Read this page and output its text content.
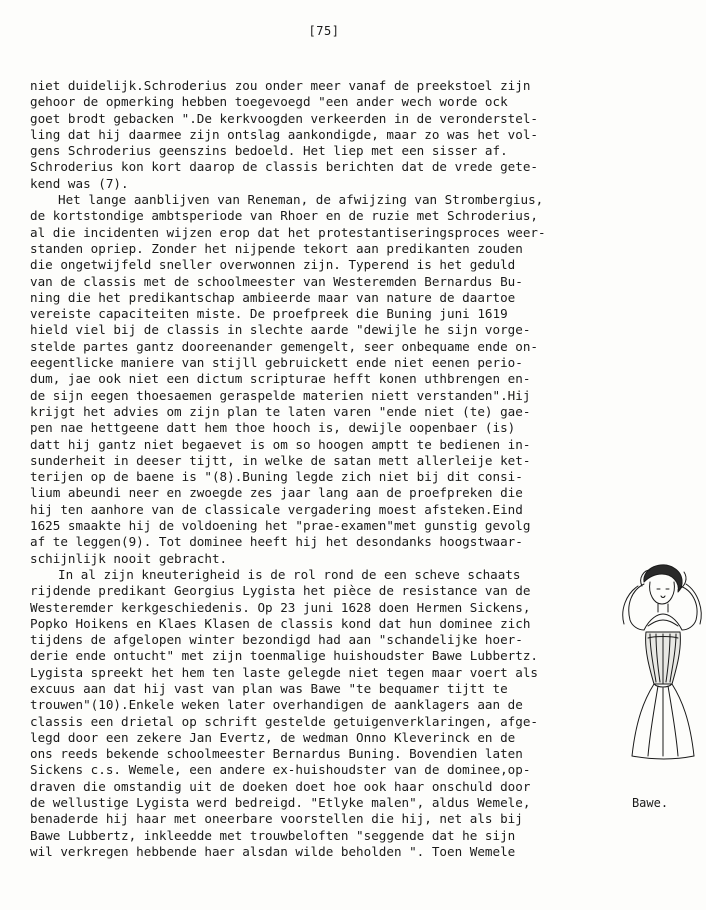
[75]
niet duidelijk.Schroderius zou onder meer vanaf de preekstoel zijn
gehoor de opmerking hebben toegevoegd "een ander wech worde ock
goet brodt gebacken ".De kerkvoogden verkeerden in de veronderstel-
ling dat hij daarmee zijn ontslag aankondigde, maar zo was het vol-
gens Schroderius geenszins bedoeld. Het liep met een sisser af.
Schroderius kon kort daarop de classis berichten dat de vrede gete-
kend was (7).
Het lange aanblijven van Reneman, de afwijzing van Strombergius,
de kortstondige ambtsperiode van Rhoer en de ruzie met Schroderius,
al die incidenten wijzen erop dat het protestantiseringsproces weer-
standen opriep. Zonder het nijpende tekort aan predikanten zouden
die ongetwijfeld sneller overwonnen zijn. Typerend is het geduld
van de classis met de schoolmeester van Westeremden Bernardus Bu-
ning die het predikantschap ambieerde maar van nature de daartoe
vereiste capaciteiten miste. De proefpreek die Buning juni 1619
hield viel bij de classis in slechte aarde "dewijle he sijn vorge-
stelde partes gantz dooreenander gemengelt, seer onbequame ende on-
eegentlicke maniere van stijll gebruickett ende niet eenen perio-
dum, jae ook niet een dictum scripturae hefft konen uthbrengen en-
de sijn eegen thoesaemen geraspelde materien niett verstanden".Hij
krijgt het advies om zijn plan te laten varen "ende niet (te) gae-
pen nae hettgeene datt hem thoe hooch is, dewijle oopenbaer (is)
datt hij gantz niet begaevet is om so hoogen amptt te bedienen in-
sunderheit in deeser tijtt, in welke de satan mett allerleije ket-
terijen op de baene is "(8).Buning legde zich niet bij dit consi-
lium abeundi neer en zwoegde zes jaar lang aan de proefpreken die
hij ten aanhore van de classicale vergadering moest afsteken.Eind
1625 smaakte hij de voldoening het "prae-examen"met gunstig gevolg
af te leggen(9). Tot dominee heeft hij het desondanks hoogstwaar-
schijnlijk nooit gebracht.
In al zijn kneuterigheid is de rol rond de een scheve schaats
rijdende predikant Georgius Lygista het pièce de resistance van de
Westeremder kerkgeschiedenis. Op 23 juni 1628 doen Hermen Sickens,
Popko Hoikens en Klaes Klasen de classis kond dat hun dominee zich
tijdens de afgelopen winter bezondigd had aan "schandelijke hoer-
derie ende ontucht" met zijn toenmalige huishoudster Bawe Lubbertz.
Lygista spreekt het hem ten laste gelegde niet tegen maar voert als
excuus aan dat hij vast van plan was Bawe "te bequamer tijtt te
trouwen"(10).Enkele weken later overhandigen de aanklagers aan de
classis een drietal op schrift gestelde getuigenverklaringen, afge-
legd door een zekere Jan Evertz, de wedman Onno Kleverinck en de
ons reeds bekende schoolmeester Bernardus Buning. Bovendien laten
Sickens c.s. Wemele, een andere ex-huishoudster van de dominee,op-
draven die omstandig uit de doeken doet hoe ook haar onschuld door
de wellustige Lygista werd bedreigd. "Etlyke malen", aldus Wemele,
benaderde hij haar met oneerbare voorstellen die hij, net als bij
Bawe Lubbertz, inkleedde met trouwbeloften "seggende dat he sijn
wil verkregen hebbende haer alsdan wilde beholden ". Toen Wemele
Bawe.
